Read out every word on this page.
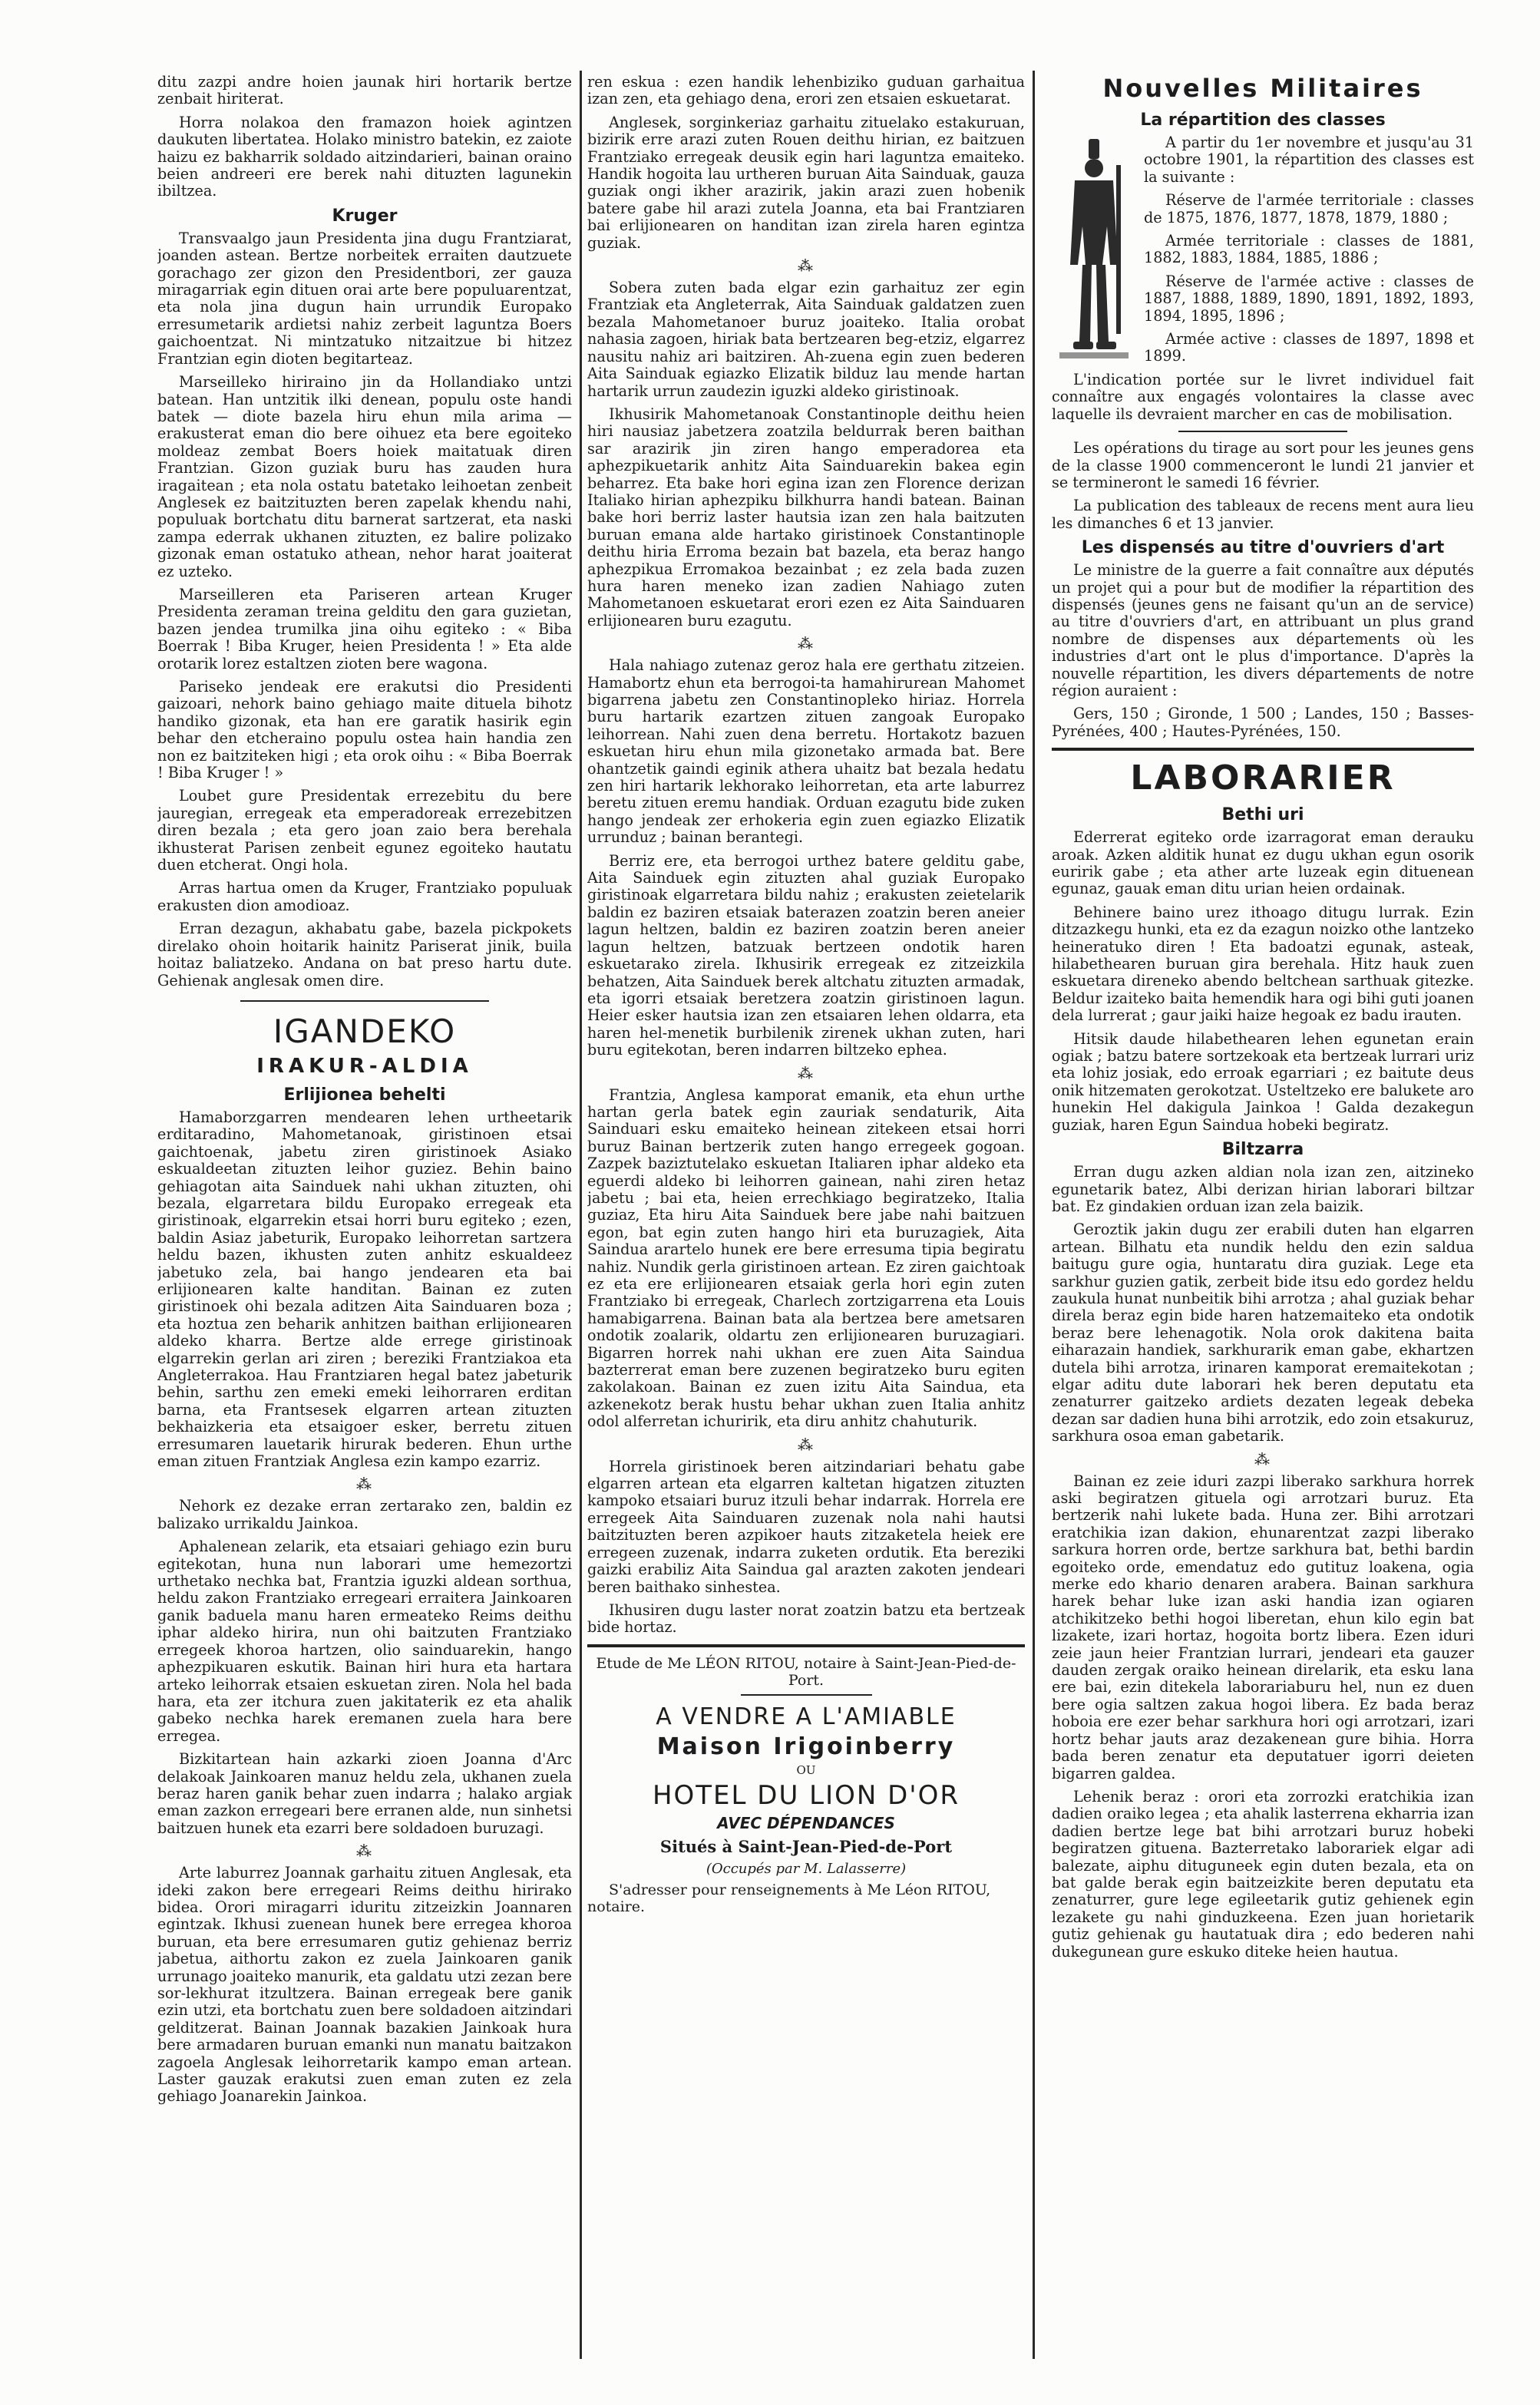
ditu zazpi andre hoien jaunak hiri hortarik bertze zenbait hiriterat.

Horra nolakoa den framazon hoiek agintzen daukuten libertatea. Holako ministro batekin, ez zaiote haizu ez bakharrik soldado aitzindarieri, bainan oraino beien andreeri ere berek nahi dituzten lagunekin ibiltzea.

Kruger

Transvaalgo jaun Presidenta jina dugu Frantziarat, joanden astean. Bertze norbeitek erraiten dautzuete gorachago zer gizon den Presidentbori, zer gauza miragarriak egin dituen orai arte bere populuarentzat, eta nola jina dugun hain urrundik Europako erresumetarik ardietsi nahiz zerbeit laguntza Boers gaichoentzat. Ni mintzatuko nitzaitzue bi hitzez Frantzian egin dioten begitarteaz.

Marseilleko hiriraino jin da Hollandiako untzi batean. Han untzitik ilki denean, populu oste handi batek — diote bazela hiru ehun mila arima — erakusterat eman dio bere oihuez eta bere egoiteko moldeaz zembat Boers hoiek maitatuak diren Frantzian. Gizon guziak buru has zauden hura iragaitean ; eta nola ostatu batetako leihoetan zenbeit Anglesek ez baitzituzten beren zapelak khendu nahi, populuak bortchatu ditu barnerat sartzerat, eta naski zampa ederrak ukhanen zituzten, ez balire polizako gizonak eman ostatuko athean, nehor harat joaiterat ez uzteko.

Marseilleren eta Pariseren artean Kruger Presidenta zeraman treina gelditu den gara guzietan, bazen jendea trumilka jina oihu egiteko : « Biba Boerrak ! Biba Kruger, heien Presidenta ! » Eta alde orotarik lorez estaltzen zioten bere wagona.

Pariseko jendeak ere erakutsi dio Presidenti gaizoari, nehork baino gehiago maite dituela bihotz handiko gizonak, eta han ere garatik hasirik egin behar den etcheraino populu ostea hain handia zen non ez baitziteken higi ; eta orok oihu : « Biba Boerrak ! Biba Kruger ! »

Loubet gure Presidentak errezebitu du bere jauregian, erregeak eta emperadoreak errezebitzen diren bezala ; eta gero joan zaio bera berehala ikhusterat Parisen zenbeit egunez egoiteko hautatu duen etcherat. Ongi hola.

Arras hartua omen da Kruger, Frantziako populuak erakusten dion amodioaz.

Erran dezagun, akhabatu gabe, bazela pickpokets direlako ohoin hoitarik hainitz Pariserat jinik, buila hoitaz baliatzeko. Andana on bat preso hartu dute. Gehienak anglesak omen dire.

IGANDEKO
IRAKUR-ALDIA
Erlijionea behelti

Hamaborzgarren mendearen lehen urtheetarik erditaradino, Mahometanoak, giristinoen etsai gaichtoenak, jabetu ziren giristinoek Asiako eskualdeetan zituzten leihor guziez. Behin baino gehiagotan aita Sainduek nahi ukhan zituzten, ohi bezala, elgarretara bildu Europako erregeak eta giristinoak, elgarrekin etsai horri buru egiteko ; ezen, baldin Asiaz jabeturik, Europako leihorretan sartzera heldu bazen, ikhusten zuten anhitz eskualdeez jabetuko zela, bai hango jendearen eta bai erlijionearen kalte handitan. Bainan ez zuten giristinoek ohi bezala aditzen Aita Sainduaren boza ; eta hoztua zen beharik anhitzen baithan erlijionearen aldeko kharra. Bertze alde errege giristinoak elgarrekin gerlan ari ziren ; bereziki Frantziakoa eta Angleterrakoa. Hau Frantziaren hegal batez jabeturik behin, sarthu zen emeki emeki leihorraren erditan barna, eta Frantsesek elgarren artean zituzten bekhaizkeria eta etsaigoer esker, berretu zituen erresumaren lauetarik hirurak bederen. Ehun urthe eman zituen Frantziak Anglesa ezin kampo ezarriz.

⁂

Nehork ez dezake erran zertarako zen, baldin ez balizako urrikaldu Jainkoa.

Aphalenean zelarik, eta etsaiari gehiago ezin buru egitekotan, huna nun laborari ume hemezortzi urthetako nechka bat, Frantzia iguzki aldean sorthua, heldu zakon Frantziako erregeari erraitera Jainkoaren ganik baduela manu haren ermeateko Reims deithu iphar aldeko hirira, nun ohi baitzuten Frantziako erregeek khoroa hartzen, olio sainduarekin, hango aphezpikuaren eskutik. Bainan hiri hura eta hartara arteko leihorrak etsaien eskuetan ziren. Nola hel bada hara, eta zer itchura zuen jakitaterik ez eta ahalik gabeko nechka harek eremanen zuela hara bere erregea.

Bizkitartean hain azkarki zioen Joanna d'Arc delakoak Jainkoaren manuz heldu zela, ukhanen zuela beraz haren ganik behar zuen indarra ; halako argiak eman zazkon erregeari bere erranen alde, nun sinhetsi baitzuen hunek eta ezarri bere soldadoen buruzagi.

⁂

Arte laburrez Joannak garhaitu zituen Anglesak, eta ideki zakon bere erregeari Reims deithu hirirako bidea. Orori miragarri iduritu zitzeizkin Joannaren egintzak. Ikhusi zuenean hunek bere erregea khoroa buruan, eta bere erresumaren gutiz gehienaz berriz jabetua, aithortu zakon ez zuela Jainkoaren ganik urrunago joaiteko manurik, eta galdatu utzi zezan bere sor-lekhurat itzultzera. Bainan erregeak bere ganik ezin utzi, eta bortchatu zuen bere soldadoen aitzindari gelditzerat. Bainan Joannak bazakien Jainkoak hura bere armadaren buruan emanki nun manatu baitzakon zagoela Anglesak leihorretarik kampo eman artean. Laster gauzak erakutsi zuen eman zuten ez zela gehiago Joanarekin Jainkoa.

ren eskua : ezen handik lehenbiziko guduan garhaitua izan zen, eta gehiago dena, erori zen etsaien eskuetarat.

Anglesek, sorginkeriaz garhaitu zituelako estakuruan, bizirik erre arazi zuten Rouen deithu hirian, ez baitzuen Frantziako erregeak deusik egin hari laguntza emaiteko. Handik hogoita lau urtheren buruan Aita Sainduak, gauza guziak ongi ikher arazirik, jakin arazi zuen hobenik batere gabe hil arazi zutela Joanna, eta bai Frantziaren bai erlijionearen on handitan izan zirela haren egintza guziak.

⁂

Sobera zuten bada elgar ezin garhaituz zer egin Frantziak eta Angleterrak, Aita Sainduak galdatzen zuen bezala Mahometanoer buruz joaiteko. Italia orobat nahasia zagoen, hiriak bata bertzearen beg-etziz, elgarrez nausitu nahiz ari baitziren. Ah-zuena egin zuen bederen Aita Sainduak egiazko Elizatik bilduz lau mende hartan hartarik urrun zaudezin iguzki aldeko giristinoak.

Ikhusirik Mahometanoak Constantinople deithu heien hiri nausiaz jabetzera zoatzila beldurrak beren baithan sar arazirik jin ziren hango emperadorea eta aphezpikuetarik anhitz Aita Sainduarekin bakea egin beharrez. Eta bake hori egina izan zen Florence derizan Italiako hirian aphezpiku bilkhurra handi batean. Bainan bake hori berriz laster hautsia izan zen hala baitzuten buruan emana alde hartako giristinoek Constantinople deithu hiria Erroma bezain bat bazela, eta beraz hango aphezpikua Erromakoa bezainbat ; ez zela bada zuzen hura haren meneko izan zadien Nahiago zuten Mahometanoen eskuetarat erori ezen ez Aita Sainduaren erlijionearen buru ezagutu.

⁂

Hala nahiago zutenaz geroz hala ere gerthatu zitzeien. Hamabortz ehun eta berrogoi-ta hamahirurean Mahomet bigarrena jabetu zen Constantinopleko hiriaz. Horrela buru hartarik ezartzen zituen zangoak Europako leihorrean. Nahi zuen dena berretu. Hortakotz bazuen eskuetan hiru ehun mila gizonetako armada bat. Bere ohantzetik gaindi eginik athera uhaitz bat bezala hedatu zen hiri hartarik lekhorako leihorretan, eta arte laburrez beretu zituen eremu handiak. Orduan ezagutu bide zuken hango jendeak zer erhokeria egin zuen egiazko Elizatik urrunduz ; bainan berantegi.

Berriz ere, eta berrogoi urthez batere gelditu gabe, Aita Sainduek egin zituzten ahal guziak Europako giristinoak elgarretara bildu nahiz ; erakusten zeietelarik baldin ez baziren etsaiak baterazen zoatzin beren aneier lagun heltzen, baldin ez baziren zoatzin beren aneier lagun heltzen, batzuak bertzeen ondotik haren eskuetarako zirela. Ikhusirik erregeak ez zitzeizkila behatzen, Aita Sainduek berek altchatu zituzten armadak, eta igorri etsaiak beretzera zoatzin giristinoen lagun. Heier esker hautsia izan zen etsaiaren lehen oldarra, eta haren hel-menetik burbilenik zirenek ukhan zuten, hari buru egitekotan, beren indarren biltzeko ephea.

⁂

Frantzia, Anglesa kamporat emanik, eta ehun urthe hartan gerla batek egin zauriak sendaturik, Aita Sainduari esku emaiteko heinean zitekeen etsai horri buruz Bainan bertzerik zuten hango erregeek gogoan. Zazpek baziztutelako eskuetan Italiaren iphar aldeko eta eguerdi aldeko bi leihorren gainean, nahi ziren hetaz jabetu ; bai eta, heien errechkiago begiratzeko, Italia guziaz, Eta hiru Aita Sainduek bere jabe nahi baitzuen egon, bat egin zuten hango hiri eta buruzagiek, Aita Saindua arartelo hunek ere bere erresuma tipia begiratu nahiz. Nundik gerla giristinoen artean. Ez ziren gaichtoak ez eta ere erlijionearen etsaiak gerla hori egin zuten Frantziako bi erregeak, Charlech zortzigarrena eta Louis hamabigarrena. Bainan bata ala bertzea bere ametsaren ondotik zoalarik, oldartu zen erlijionearen buruzagiari. Bigarren horrek nahi ukhan ere zuen Aita Saindua bazterrerat eman bere zuzenen begiratzeko buru egiten zakolakoan. Bainan ez zuen izitu Aita Saindua, eta azkenekotz berak hustu behar ukhan zuen Italia anhitz odol alferretan ichuririk, eta diru anhitz chahuturik.

⁂

Horrela giristinoek beren aitzindariari behatu gabe elgarren artean eta elgarren kaltetan higatzen zituzten kampoko etsaiari buruz itzuli behar indarrak. Horrela ere erregeek Aita Sainduaren zuzenak nola nahi hautsi baitzituzten beren azpikoer hauts zitzaketela heiek ere erregeen zuzenak, indarra zuketen ordutik. Eta bereziki gaizki erabiliz Aita Saindua gal arazten zakoten jendeari beren baithako sinhestea.

Ikhusiren dugu laster norat zoatzin batzu eta bertzeak bide hortaz.

Etude de Me LÉON RITOU, notaire à Saint-Jean-Pied-de-Port.

A VENDRE A L'AMIABLE
Maison Irigoinberry
OU
HOTEL DU LION D'OR
AVEC DÉPENDANCES
Situés à Saint-Jean-Pied-de-Port
(Occupés par M. Lalasserre)

S'adresser pour renseignements à Me Léon RITOU, notaire.

Nouvelles Militaires
La répartition des classes

A partir du 1er novembre et jusqu'au 31 octobre 1901, la répartition des classes est la suivante :

Réserve de l'armée territoriale : classes de 1875, 1876, 1877, 1878, 1879, 1880 ;

Armée territoriale : classes de 1881, 1882, 1883, 1884, 1885, 1886 ;

Réserve de l'armée active : classes de 1887, 1888, 1889, 1890, 1891, 1892, 1893, 1894, 1895, 1896 ;

Armée active : classes de 1897, 1898 et 1899.

L'indication portée sur le livret individuel fait connaître aux engagés volontaires la classe avec laquelle ils devraient marcher en cas de mobilisation.

Les opérations du tirage au sort pour les jeunes gens de la classe 1900 commenceront le lundi 21 janvier et se termineront le samedi 16 février.

La publication des tableaux de recens ment aura lieu les dimanches 6 et 13 janvier.

Les dispensés au titre d'ouvriers d'art

Le ministre de la guerre a fait connaître aux députés un projet qui a pour but de modifier la répartition des dispensés (jeunes gens ne faisant qu'un an de service) au titre d'ouvriers d'art, en attribuant un plus grand nombre de dispenses aux départements où les industries d'art ont le plus d'importance. D'après la nouvelle répartition, les divers départements de notre région auraient :

Gers, 150 ; Gironde, 1 500 ; Landes, 150 ; Basses-Pyrénées, 400 ; Hautes-Pyrénées, 150.

LABORARIER
Bethi uri

Ederrerat egiteko orde izarragorat eman derauku aroak. Azken alditik hunat ez dugu ukhan egun osorik euririk gabe ; eta ather arte luzeak egin dituenean egunaz, gauak eman ditu urian heien ordainak.

Behinere baino urez ithoago ditugu lurrak. Ezin ditzazkegu hunki, eta ez da ezagun noizko othe lantzeko heineratuko diren ! Eta badoatzi egunak, asteak, hilabethearen buruan gira berehala. Hitz hauk zuen eskuetara direneko abendo beltchean sarthuak gitezke. Beldur izaiteko baita hemendik hara ogi bihi guti joanen dela lurrerat ; gaur jaiki haize hegoak ez badu irauten.

Hitsik daude hilabethearen lehen egunetan erain ogiak ; batzu batere sortzekoak eta bertzeak lurrari uriz eta lohiz josiak, edo erroak egarriari ; ez baitute deus onik hitzematen gerokotzat. Usteltzeko ere balukete aro hunekin Hel dakigula Jainkoa ! Galda dezakegun guziak, haren Egun Saindua hobeki begiratz.

Biltzarra

Erran dugu azken aldian nola izan zen, aitzineko egunetarik batez, Albi derizan hirian laborari biltzar bat. Ez gindakien orduan izan zela baizik.

Geroztik jakin dugu zer erabili duten han elgarren artean. Bilhatu eta nundik heldu den ezin saldua baitugu gure ogia, huntaratu dira guziak. Lege eta sarkhur guzien gatik, zerbeit bide itsu edo gordez heldu zaukula hunat nunbeitik bihi arrotza ; ahal guziak behar direla beraz egin bide haren hatzemaiteko eta ondotik beraz bere lehenagotik. Nola orok dakitena baita eiharazain handiek, sarkhurarik eman gabe, ekhartzen dutela bihi arrotza, irinaren kamporat eremaitekotan ; elgar aditu dute laborari hek beren deputatu eta zenaturrer gaitzeko ardiets dezaten legeak debeka dezan sar dadien huna bihi arrotzik, edo zoin etsakuruz, sarkhura osoa eman gabetarik.

⁂

Bainan ez zeie iduri zazpi liberako sarkhura horrek aski begiratzen gituela ogi arrotzari buruz. Eta bertzerik nahi lukete bada. Huna zer. Bihi arrotzari eratchikia izan dakion, ehunarentzat zazpi liberako sarkura horren orde, bertze sarkhura bat, bethi bardin egoiteko orde, emendatuz edo gutituz loakena, ogia merke edo khario denaren arabera. Bainan sarkhura harek behar luke izan aski handia izan ogiaren atchikitzeko bethi hogoi liberetan, ehun kilo egin bat lizakete, izari hortaz, hogoita bortz libera. Ezen iduri zeie jaun heier Frantzian lurrari, jendeari eta gauzer dauden zergak oraiko heinean direlarik, eta esku lana ere bai, ezin ditekela laborariaburu hel, nun ez duen bere ogia saltzen zakua hogoi libera. Ez bada beraz hoboia ere ezer behar sarkhura hori ogi arrotzari, izari hortz behar jauts araz dezakenean gure bihia. Horra bada beren zenatur eta deputatuer igorri deieten bigarren galdea.

Lehenik beraz : orori eta zorrozki eratchikia izan dadien oraiko legea ; eta ahalik lasterrena ekharria izan dadien bertze lege bat bihi arrotzari buruz hobeki begiratzen gituena. Bazterretako laborariek elgar adi balezate, aiphu dituguneek egin duten bezala, eta on bat galde berak egin baitzeizkite beren deputatu eta zenaturrer, gure lege egileetarik gutiz gehienek egin lezakete gu nahi ginduzkeena. Ezen juan horietarik gutiz gehienak gu hautatuak dira ; edo bederen nahi dukegunean gure eskuko diteke heien hautua.
